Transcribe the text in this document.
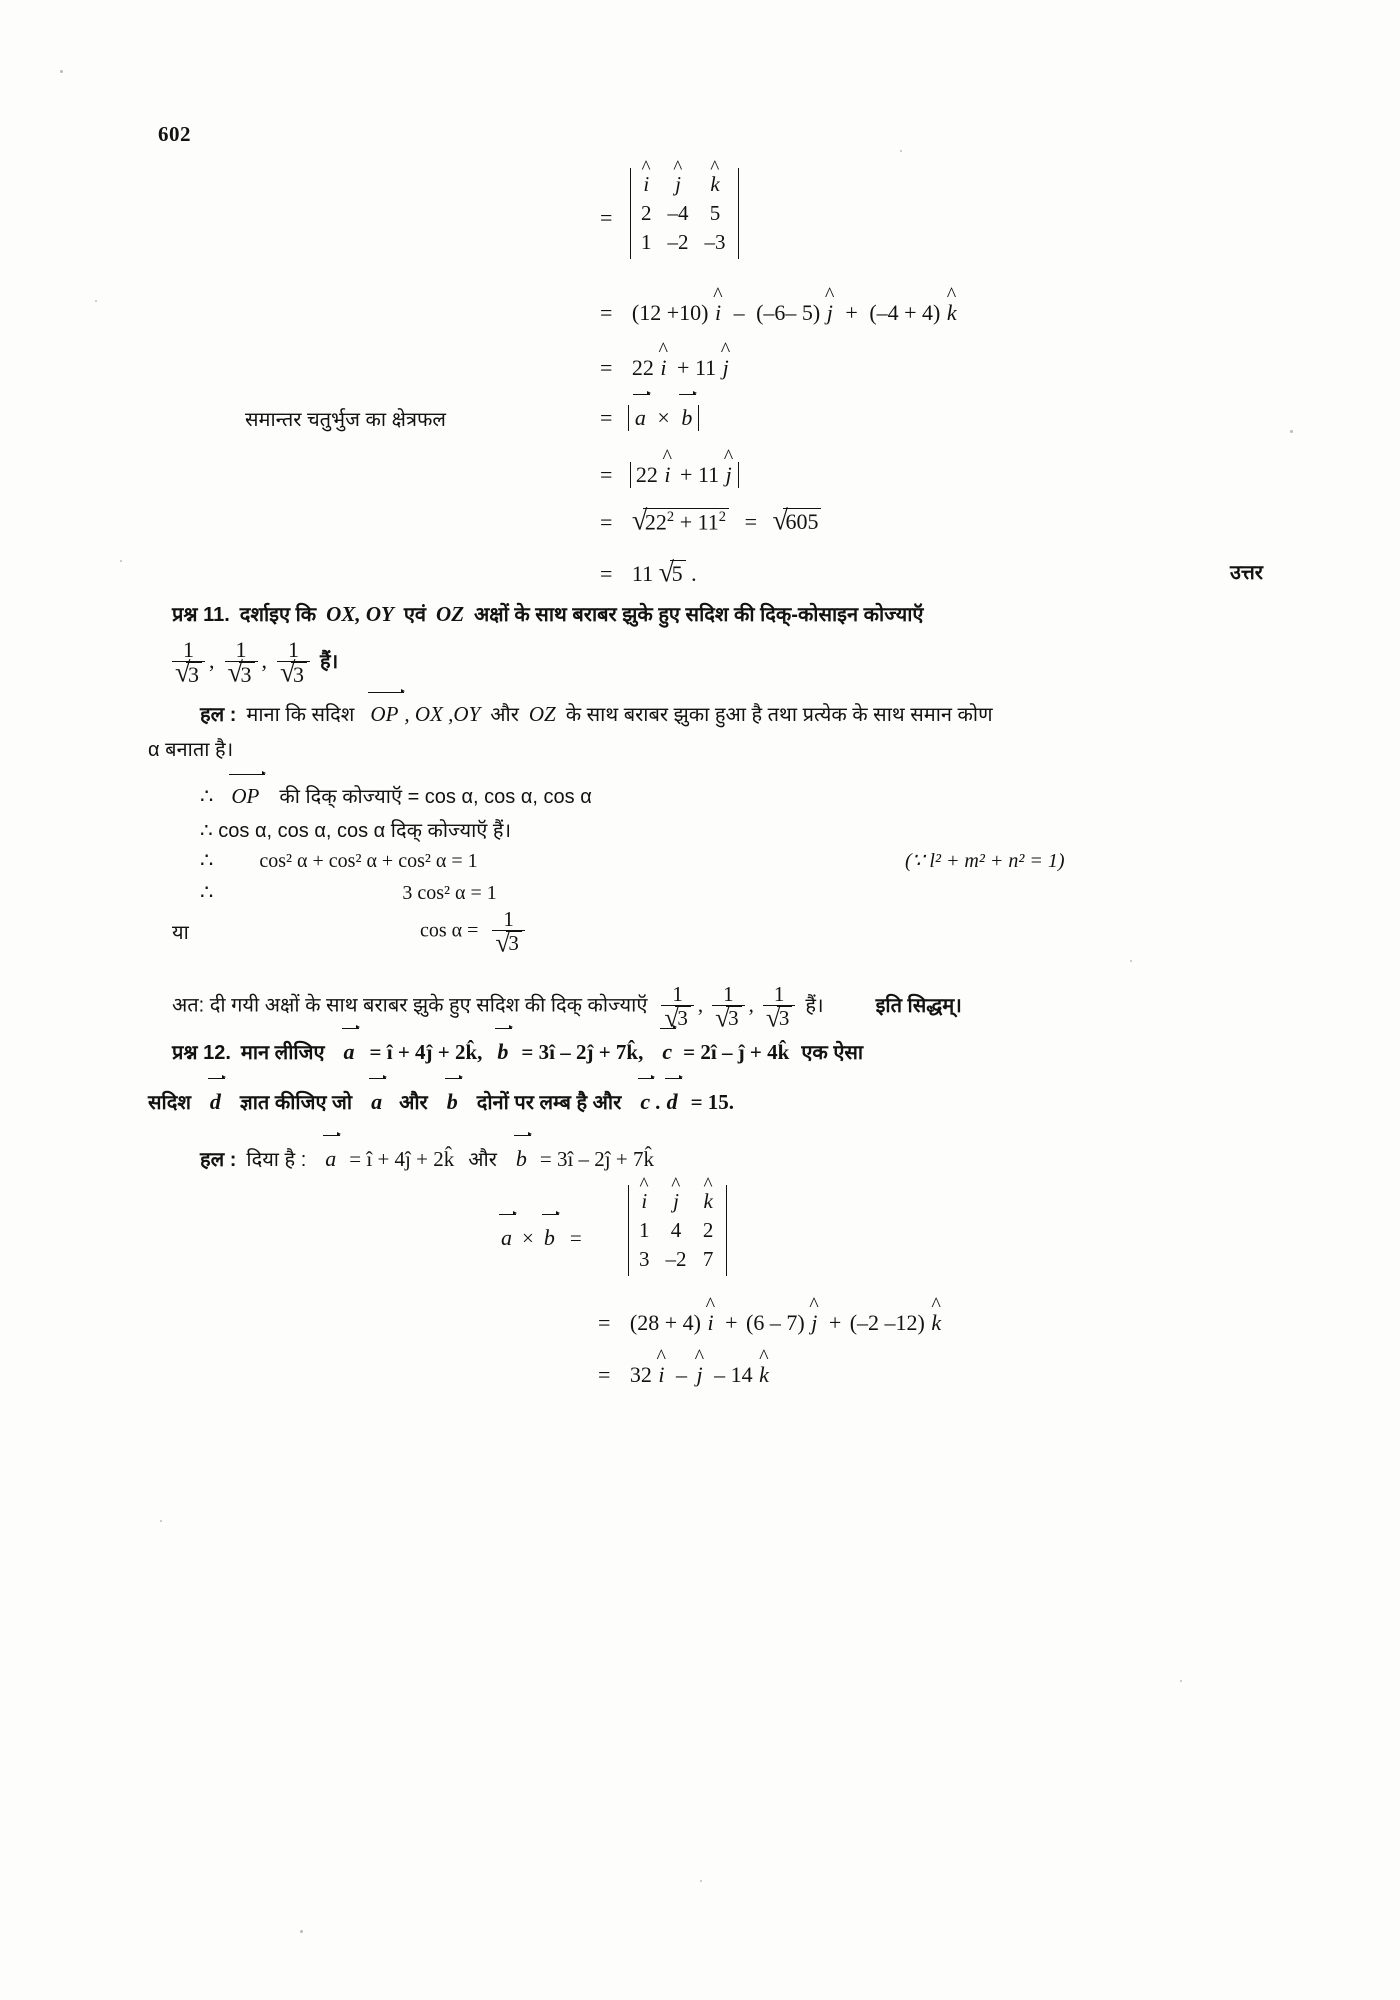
602
=
i ^	j ^	k ^
2	–4	5
1	–2	–3
= (12 +10) i ^ – (–6– 5) j ^ + (–4 + 4) k ^
= 22 i ^ + 11 j ^
समान्तर चतुर्भुज का क्षेत्रफल	= a × b
= 22 i ^ + 11 j ^
= √
$22^2 + 11^2$ = √
605
= 11 √
5 .	उत्तर
प्रश्न 11. दर्शाइए कि OX, OY एवं OZ अक्षों के साथ बराबर झुके हुए सदिश की दिक्-कोसाइन कोज्याऍ
1
√
3 , 1
√
3 , 1
√
3 हैं।
हल : माना कि सदिश OP , OX ,OY और OZ के साथ बराबर झुका हुआ है तथा प्रत्येक के साथ समान कोण
α बनाता है।
∴ OP की दिक् कोज्याऍ = cos α, cos α, cos α
∴ cos α, cos α, cos α दिक् कोज्याऍ हैं।
∴ cos² α + cos² α + cos² α = 1	(∵ l² + m² + n² = 1)
∴	3 cos² α = 1
या	cos α = 1
√
3
अत: दी गयी अक्षों के साथ बराबर झुके हुए सदिश की दिक् कोज्याऍ 1
√
3 , 1
√
3 , 1
√
3 हैं।	इति सिद्धम्।
प्रश्न 12. मान लीजिए a = î + 4ĵ + 2k̂, b = 3î – 2ĵ + 7k̂, c = 2î – ĵ + 4k̂ एक ऐसा
सदिश d ज्ञात कीजिए जो a और b दोनों पर लम्ब है और c . d = 15.
हल : दिया है : a = î + 4ĵ + 2k̂ और b = 3î – 2ĵ + 7k̂
a × b =
i ^	j ^	k ^
1	4	2
3	–2	7
= (28 + 4) i ^ + (6 – 7) j ^ + (–2 –12) k ^
= 32 i ^ – j ^ – 14 k ^
